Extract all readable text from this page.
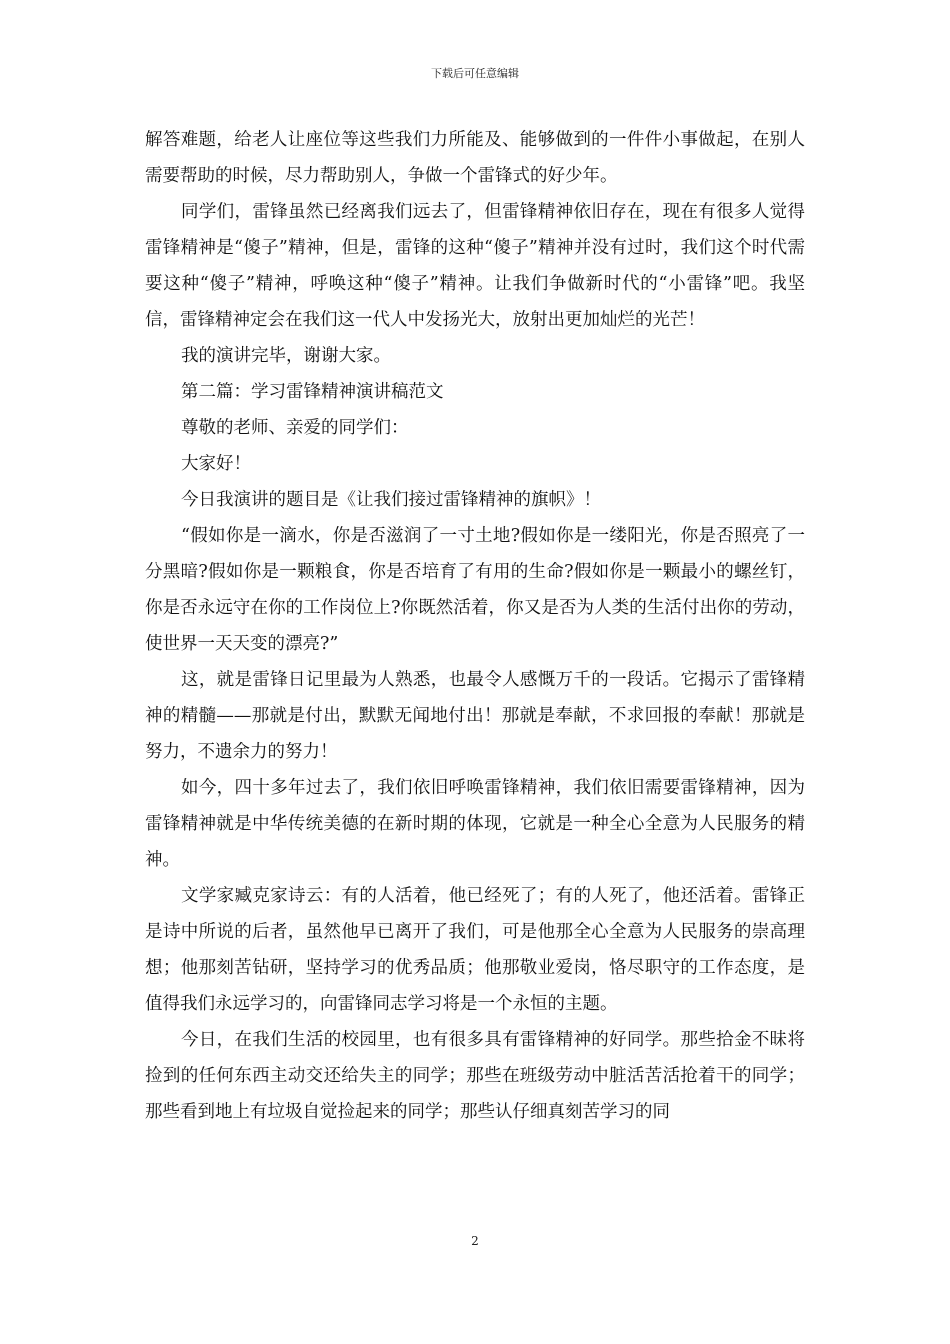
下载后可任意编辑

解答难题，给老人让座位等这些我们力所能及、能够做到的一件件小事做起，在别人需要帮助的时候，尽力帮助别人，争做一个雷锋式的好少年。

同学们，雷锋虽然已经离我们远去了，但雷锋精神依旧存在，现在有很多人觉得雷锋精神是“傻子”精神，但是，雷锋的这种“傻子”精神并没有过时，我们这个时代需要这种“傻子”精神，呼唤这种“傻子”精神。让我们争做新时代的“小雷锋”吧。我坚信，雷锋精神定会在我们这一代人中发扬光大，放射出更加灿烂的光芒！

我的演讲完毕，谢谢大家。

第二篇：学习雷锋精神演讲稿范文

尊敬的老师、亲爱的同学们：

大家好！

今日我演讲的题目是《让我们接过雷锋精神的旗帜》！

“假如你是一滴水，你是否滋润了一寸土地?假如你是一缕阳光，你是否照亮了一分黑暗?假如你是一颗粮食，你是否培育了有用的生命?假如你是一颗最小的螺丝钉，你是否永远守在你的工作岗位上?你既然活着，你又是否为人类的生活付出你的劳动，使世界一天天变的漂亮?”

这，就是雷锋日记里最为人熟悉，也最令人感慨万千的一段话。它揭示了雷锋精神的精髓——那就是付出，默默无闻地付出！那就是奉献，不求回报的奉献！那就是努力，不遗余力的努力！

如今，四十多年过去了，我们依旧呼唤雷锋精神，我们依旧需要雷锋精神，因为雷锋精神就是中华传统美德的在新时期的体现，它就是一种全心全意为人民服务的精神。

文学家臧克家诗云：有的人活着，他已经死了；有的人死了，他还活着。雷锋正是诗中所说的后者，虽然他早已离开了我们，可是他那全心全意为人民服务的崇高理想；他那刻苦钻研，坚持学习的优秀品质；他那敬业爱岗，恪尽职守的工作态度，是值得我们永远学习的，向雷锋同志学习将是一个永恒的主题。

今日，在我们生活的校园里，也有很多具有雷锋精神的好同学。那些拾金不昧将捡到的任何东西主动交还给失主的同学；那些在班级劳动中脏活苦活抢着干的同学；那些看到地上有垃圾自觉捡起来的同学；那些认仔细真刻苦学习的同

2
